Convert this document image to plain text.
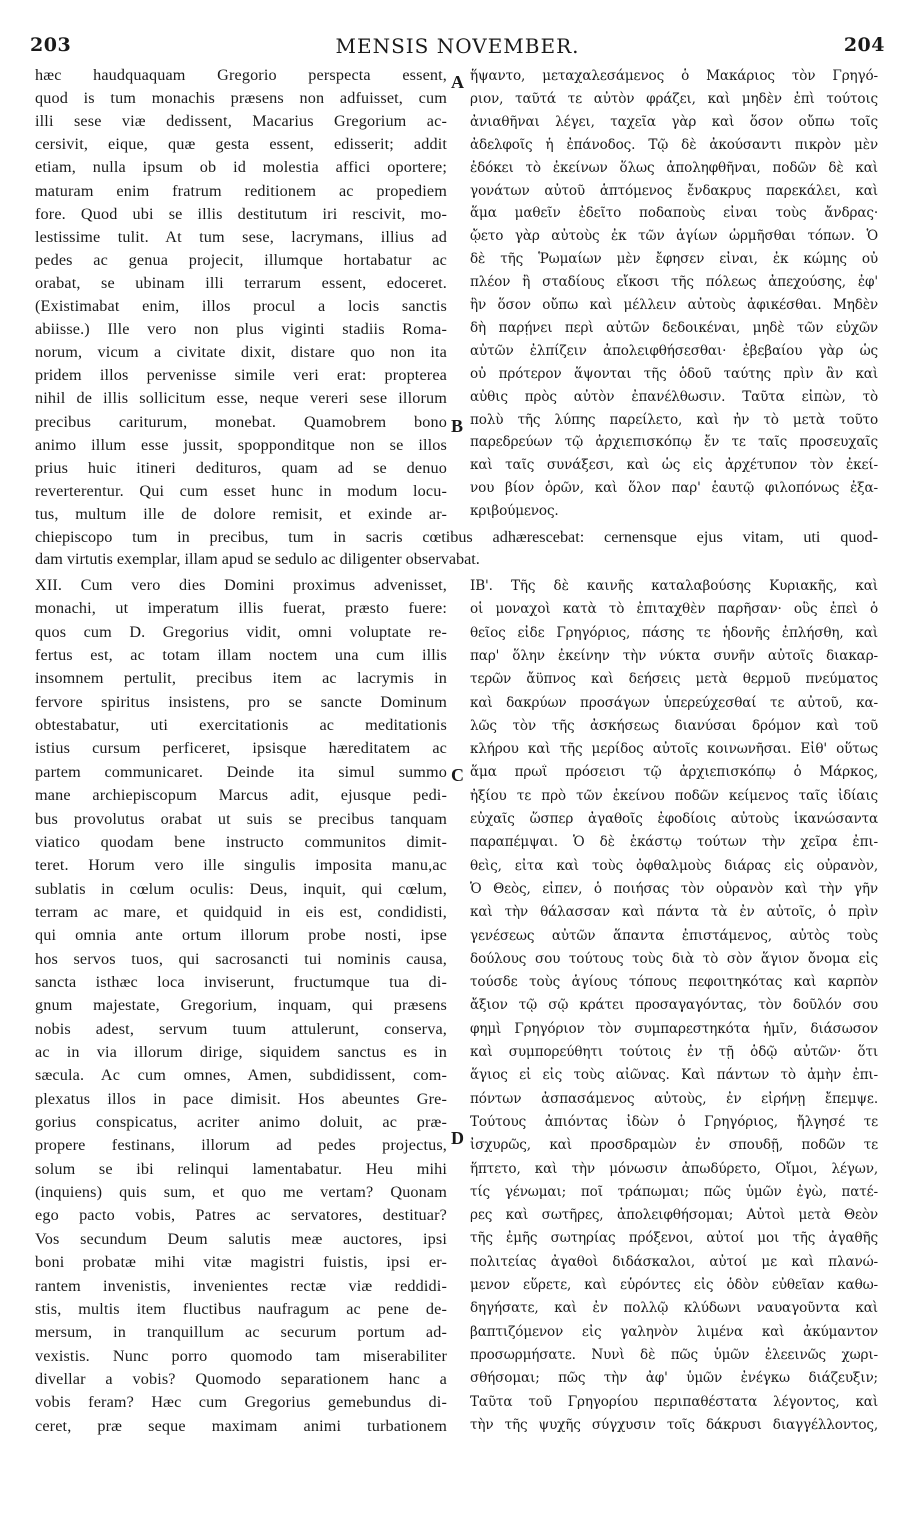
203	MENSIS NOVEMBER.	204
hæc haudquaquam Gregorio perspecta essent,
quod is tum monachis præsens non adfuisset, cum
illi sese viæ dedissent, Macarius Gregorium ac-
cersivit, eique, quæ gesta essent, edisserit; addit
etiam, nulla ipsum ob id molestia affici oportere;
maturam enim fratrum reditionem ac propediem
fore. Quod ubi se illis destitutum iri rescivit, mo-
lestissime tulit. At tum sese, lacrymans, illius ad
pedes ac genua projecit, illumque hortabatur ac
orabat, se ubinam illi terrarum essent, edoceret.
(Existimabat enim, illos procul a locis sanctis
abiisse.) Ille vero non plus viginti stadiis Roma-
norum, vicum a civitate dixit, distare quo non ita
pridem illos pervenisse simile veri erat: propterea
nihil de illis sollicitum esse, neque vereri sese illorum
precibus cariturum, monebat. Quamobrem bono
animo illum esse jussit, spopponditque non se illos
prius huic itineri dedituros, quam ad se denuo
reverterentur. Qui cum esset hunc in modum locu-
tus, multum ille de dolore remisit, et exinde ar-
ἥψαντο, μεταχαλεσάμενος ὁ Μακάριος τὸν Γρηγό-
ριον, ταῦτά τε αὐτὸν φράζει, καὶ μηδὲν ἐπὶ τούτοις
ἀνιαθῆναι λέγει, ταχεῖα γὰρ καὶ ὅσον οὔπω τοῖς
ἀδελφοῖς ἡ ἐπάνοδος. Τῷ δὲ ἀκούσαντι πικρὸν μὲν
ἐδόκει τὸ ἐκείνων ὅλως ἀποληφθῆναι, ποδῶν δὲ καὶ
γονάτων αὐτοῦ ἁπτόμενος ἔνδακρυς παρεκάλει, καὶ
ἅμα μαθεῖν ἐδεῖτο ποδαποὺς εἶναι τοὺς ἄνδρας·
ᾤετο γὰρ αὐτοὺς ἐκ τῶν ἁγίων ὡρμῆσθαι τόπων. Ὁ
δὲ τῆς Ῥωμαίων μὲν ἔφησεν εἶναι, ἐκ κώμης οὐ
πλέον ἢ σταδίους εἴκοσι τῆς πόλεως ἀπεχούσης, ἐφ'
ἣν ὅσον οὔπω καὶ μέλλειν αὐτοὺς ἀφικέσθαι. Μηδὲν
δὴ παρῄνει περὶ αὐτῶν δεδοικέναι, μηδὲ τῶν εὐχῶν
αὐτῶν ἐλπίζειν ἀπολειφθήσεσθαι· ἐβεβαίου γὰρ ὡς
οὐ πρότερον ἅψονται τῆς ὁδοῦ ταύτης πρὶν ἂν καὶ
αὖθις πρὸς αὐτὸν ἐπανέλθωσιν. Ταῦτα εἰπὼν, τὸ
πολὺ τῆς λύπης παρείλετο, καὶ ἦν τὸ μετὰ τοῦτο
παρεδρεύων τῷ ἀρχιεπισκόπῳ ἔν τε ταῖς προσευχαῖς
καὶ ταῖς συνάξεσι, καὶ ὡς εἰς ἀρχέτυπον τὸν ἐκεί-
νου βίον ὁρῶν, καὶ ὅλον παρ' ἑαυτῷ φιλοπόνως ἐξα-
κριβούμενος.
chiepiscopo tum in precibus, tum in sacris cœtibus adhærescebat: cernensque ejus vitam, uti quod-
dam virtutis exemplar, illam apud se sedulo ac diligenter observabat.
XII. Cum vero dies Domini proximus advenisset,
monachi, ut imperatum illis fuerat, præsto fuere:
quos cum D. Gregorius vidit, omni voluptate re-
fertus est, ac totam illam noctem una cum illis
insomnem pertulit, precibus item ac lacrymis in
fervore spiritus insistens, pro se sancte Dominum
obtestabatur, uti exercitationis ac meditationis
istius cursum perficeret, ipsisque hæreditatem ac
partem communicaret. Deinde ita simul summo
mane archiepiscopum Marcus adit, ejusque pedi-
bus provolutus orabat ut suis se precibus tanquam
viatico quodam bene instructo communitos dimit-
teret. Horum vero ille singulis imposita manu,ac
sublatis in cœlum oculis: Deus, inquit, qui cœlum,
terram ac mare, et quidquid in eis est, condidisti,
qui omnia ante ortum illorum probe nosti, ipse
hos servos tuos, qui sacrosancti tui nominis causa,
sancta isthæc loca inviserunt, fructumque tua di-
gnum majestate, Gregorium, inquam, qui præsens
nobis adest, servum tuum attulerunt, conserva,
ac in via illorum dirige, siquidem sanctus es in
sæcula. Ac cum omnes, Amen, subdidissent, com-
plexatus illos in pace dimisit. Hos abeuntes Gre-
gorius conspicatus, acriter animo doluit, ac præ-
propere festinans, illorum ad pedes projectus,
solum se ibi relinqui lamentabatur. Heu mihi
(inquiens) quis sum, et quo me vertam? Quonam
ego pacto vobis, Patres ac servatores, destituar?
Vos secundum Deum salutis meæ auctores, ipsi
boni probatæ mihi vitæ magistri fuistis, ipsi er-
rantem invenistis, invenientes rectæ viæ reddidi-
stis, multis item fluctibus naufragum ac pene de-
mersum, in tranquillum ac securum portum ad-
vexistis. Nunc porro quomodo tam miserabiliter
divellar a vobis? Quomodo separationem hanc a
vobis feram? Hæc cum Gregorius gemebundus di-
ceret, præ seque maximam animi turbationem
ΙΒ'. Τῆς δὲ καινῆς καταλαβούσης Κυριακῆς, καὶ
οἱ μοναχοὶ κατὰ τὸ ἐπιταχθὲν παρῆσαν· οὓς ἐπεὶ ὁ
θεῖος εἶδε Γρηγόριος, πάσης τε ἡδονῆς ἐπλήσθη, καὶ
παρ' ὅλην ἐκείνην τὴν νύκτα συνῆν αὐτοῖς διακαρ-
τερῶν ἄϋπνος καὶ δεήσεις μετὰ θερμοῦ πνεύματος
καὶ δακρύων προσάγων ὑπερεύχεσθαί τε αὐτοῦ, κα-
λῶς τὸν τῆς ἀσκήσεως διανύσαι δρόμον καὶ τοῦ
κλήρου καὶ τῆς μερίδος αὐτοῖς κοινωνῆσαι. Εἶθ' οὕτως
ἅμα πρωῒ πρόσεισι τῷ ἀρχιεπισκόπῳ ὁ Μάρκος,
ἠξίου τε πρὸ τῶν ἐκείνου ποδῶν κείμενος ταῖς ἰδίαις
εὐχαῖς ὥσπερ ἀγαθοῖς ἐφοδίοις αὐτοὺς ἱκανώσαντα
παραπέμψαι. Ὁ δὲ ἑκάστῳ τούτων τὴν χεῖρα ἐπι-
θεὶς, εἶτα καὶ τοὺς ὀφθαλμοὺς διάρας εἰς οὐρανὸν,
Ὁ Θεὸς, εἶπεν, ὁ ποιήσας τὸν οὐρανὸν καὶ τὴν γῆν
καὶ τὴν θάλασσαν καὶ πάντα τὰ ἐν αὐτοῖς, ὁ πρὶν
γενέσεως αὐτῶν ἅπαντα ἐπιστάμενος, αὐτὸς τοὺς
δούλους σου τούτους τοὺς διὰ τὸ σὸν ἅγιον ὄνομα εἰς
τούσδε τοὺς ἁγίους τόπους πεφοιτηκότας καὶ καρπὸν
ἄξιον τῷ σῷ κράτει προσαγαγόντας, τὸν δοῦλόν σου
φημὶ Γρηγόριον τὸν συμπαρεστηκότα ἡμῖν, διάσωσον
καὶ συμπορεύθητι τούτοις ἐν τῇ ὁδῷ αὐτῶν· ὅτι
ἅγιος εἶ εἰς τοὺς αἰῶνας. Καὶ πάντων τὸ ἀμὴν ἐπι-
πόντων ἀσπασάμενος αὐτοὺς, ἐν εἰρήνῃ ἔπεμψε.
Τούτους ἀπιόντας ἰδὼν ὁ Γρηγόριος, ἤλγησέ τε
ἰσχυρῶς, καὶ προσδραμὼν ἐν σπουδῇ, ποδῶν τε
ἥπτετο, καὶ τὴν μόνωσιν ἀπωδύρετο, Οἴμοι, λέγων,
τίς γένωμαι; ποῖ τράπωμαι; πῶς ὑμῶν ἐγὼ, πατέ-
ρες καὶ σωτῆρες, ἀπολειφθήσομαι; Αὐτοὶ μετὰ Θεὸν
τῆς ἐμῆς σωτηρίας πρόξενοι, αὐτοί μοι τῆς ἀγαθῆς
πολιτείας ἀγαθοὶ διδάσκαλοι, αὐτοί με καὶ πλανώ-
μενον εὕρετε, καὶ εὑρόντες εἰς ὁδὸν εὐθεῖαν καθω-
δηγήσατε, καὶ ἐν πολλῷ κλύδωνι ναυαγοῦντα καὶ
βαπτιζόμενον εἰς γαληνὸν λιμένα καὶ ἀκύμαντον
προσωρμήσατε. Νυνὶ δὲ πῶς ὑμῶν ἐλεεινῶς χωρι-
σθήσομαι; πῶς τὴν ἀφ' ὑμῶν ἐνέγκω διάζευξιν;
Ταῦτα τοῦ Γρηγορίου περιπαθέστατα λέγοντος, καὶ
τὴν τῆς ψυχῆς σύγχυσιν τοῖς δάκρυσι διαγγέλλοντος,
A
B
C
D
